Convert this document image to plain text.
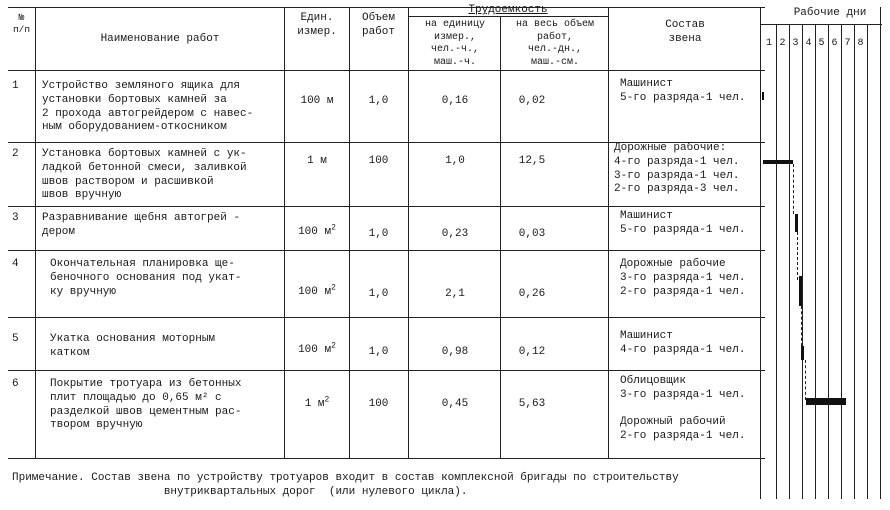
№
п/п
Наименование работ
Един.
измер.
Объем
работ
Трудоемкость
на единицу
измер.,
чел.-ч.,
маш.-ч.
на весь объем
работ,
чел.-дн.,
маш.-см.
Состав
звена
Рабочие дни
1 2 3 4 5 6 7 8
1 Устройство земляного ящика для
установки бортовых камней за
2 прохода автогрейдером с навес-
ным оборудованием-откосником
100 м	1,0	0,16	0,02
Машинист
5-го разряда-1 чел.
2 Установка бортовых камней с ук-
ладкой бетонной смеси, заливкой
швов раствором и расшивкой
швов вручную
1 м	100	1,0	12,5
Дорожные рабочие:
4-го разряда-1 чел.
3-го разряда-1 чел.
2-го разряда-3 чел.
3 Разравнивание щебня автогрей -
дером	100 $м^2$
1,0	0,23	0,03
Машинист
5-го разряда-1 чел.
4	Окончательная планировка ще-
беночного основания под укат-
ку вручную	100 $м^2$
1,0	2,1	0,26
Дорожные рабочие
3-го разряда-1 чел.
2-го разряда-1 чел.
5	Укатка основания моторным
катком	100 $м^2$
1,0	0,98	0,12
Машинист
4-го разряда-1 чел.
6	Покрытие тротуара из бетонных
плит площадью до 0,65 м² с
разделкой швов цементным рас-
твором вручную
1 $м^2$	100	0,45	5,63
Облицовщик
3-го разряда-1 чел.

Дорожный рабочий
2-го разряда-1 чел.
Примечание. Состав звена по устройству тротуаров входит в состав комплексной бригады по строительству
внутриквартальных дорог  (или нулевого цикла).
